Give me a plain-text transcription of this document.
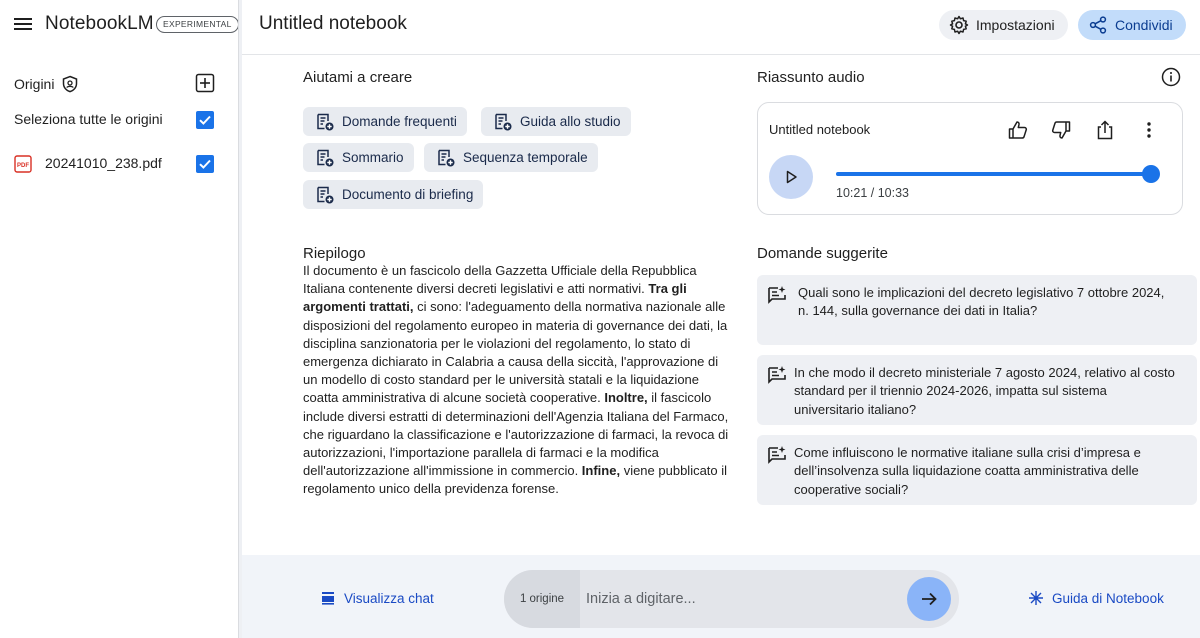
NotebookLM	EXPERIMENTAL
Origini
Seleziona tutte le origini
PDF 20241010_238.pdf
Untitled notebook	Impostazioni	Condividi
Aiutami a creare
Domande frequenti	Guida allo studio
Sommario	Sequenza temporale
Documento di briefing
Riepilogo
Il documento è un fascicolo della Gazzetta Ufficiale della Repubblica Italiana contenente diversi decreti legislativi e atti normativi. Tra gli argomenti trattati, ci sono: l'adeguamento della normativa nazionale alle disposizioni del regolamento europeo in materia di governance dei dati, la disciplina sanzionatoria per le violazioni del regolamento, lo stato di emergenza dichiarato in Calabria a causa della siccità, l'approvazione di un modello di costo standard per le università statali e la liquidazione coatta amministrativa di alcune società cooperative. Inoltre, il fascicolo include diversi estratti di determinazioni dell'Agenzia Italiana del Farmaco, che riguardano la classificazione e l'autorizzazione di farmaci, la revoca di autorizzazioni, l'importazione parallela di farmaci e la modifica dell'autorizzazione all'immissione in commercio. Infine, viene pubblicato il regolamento unico della previdenza forense.
Riassunto audio
Untitled notebook
10:21 / 10:33
Domande suggerite
Quali sono le implicazioni del decreto legislativo 7 ottobre 2024, n. 144, sulla governance dei dati in Italia?
In che modo il decreto ministeriale 7 agosto 2024, relativo al costo standard per il triennio 2024-2026, impatta sul sistema universitario italiano?
Come influiscono le normative italiane sulla crisi d’impresa e dell’insolvenza sulla liquidazione coatta amministrativa delle cooperative sociali?
Visualizza chat	1 origine
Inizia a digitare...	Guida di Notebook
